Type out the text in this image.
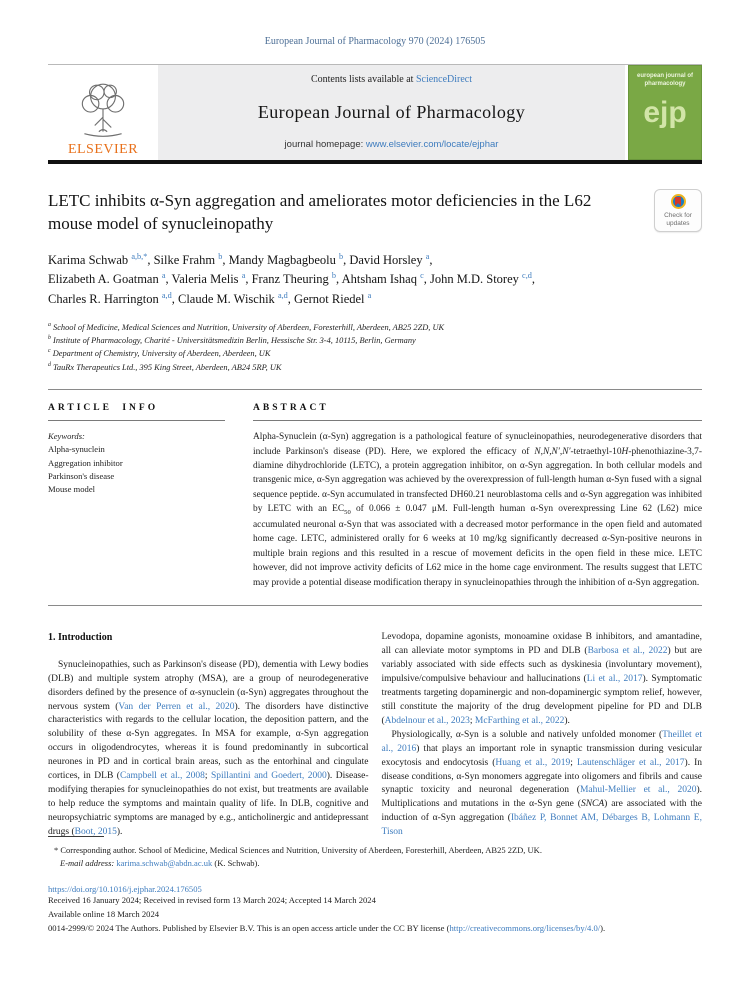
European Journal of Pharmacology 970 (2024) 176505
ELSEVIER
Contents lists available at ScienceDirect
European Journal of Pharmacology
journal homepage: www.elsevier.com/locate/ejphar
european journal of pharmacology
ejp
LETC inhibits α-Syn aggregation and ameliorates motor deficiencies in the L62 mouse model of synucleinopathy	Check for
updates
Karima Schwab $^{a,b,*}$, Silke Frahm $^b$, Mandy Magbagbeolu $^b$, David Horsley $^a$,
Elizabeth A. Goatman $^a$, Valeria Melis $^a$, Franz Theuring $^b$, Ahtsham Ishaq $^c$, John M.D. Storey $^{c,d}$,
Charles R. Harrington $^{a,d}$, Claude M. Wischik $^{a,d}$, Gernot Riedel $^a$
$^a$ School of Medicine, Medical Sciences and Nutrition, University of Aberdeen, Foresterhill, Aberdeen, AB25 2ZD, UK
$^b$ Institute of Pharmacology, Charité - Universitätsmedizin Berlin, Hessische Str. 3-4, 10115, Berlin, Germany
$^c$ Department of Chemistry, University of Aberdeen, Aberdeen, UK
$^d$ TauRx Therapeutics Ltd., 395 King Street, Aberdeen, AB24 5RP, UK
ARTICLE INFO
Keywords:
Alpha-synuclein
Aggregation inhibitor
Parkinson's disease
Mouse model
ABSTRACT
Alpha-Synuclein (α-Syn) aggregation is a pathological feature of synucleinopathies, neurodegenerative disorders that include Parkinson's disease (PD). Here, we explored the efficacy of N,N,N′,N′-tetraethyl-10H-phenothiazine-3,7-diamine dihydrochloride (LETC), a protein aggregation inhibitor, on α-Syn aggregation. In both cellular models and transgenic mice, α-Syn aggregation was achieved by the overexpression of full-length human α-Syn fused with a signal sequence peptide. α-Syn accumulated in transfected DH60.21 neuroblastoma cells and α-Syn aggregation was inhibited by LETC with an $EC_{50}$ of 0.066 ± 0.047 μM. Full-length human α-Syn overexpressing Line 62 (L62) mice accumulated neuronal α-Syn that was associated with a decreased motor performance in the open field and automated home cage. LETC, administered orally for 6 weeks at 10 mg/kg significantly decreased α-Syn-positive neurons in multiple brain regions and this resulted in a rescue of movement deficits in the open field in these mice. LETC however, did not improve activity deficits of L62 mice in the home cage environment. The results suggest that LETC may provide a potential disease modification therapy in synucleinopathies through the inhibition of α-Syn aggregation.
1. Introduction

Synucleinopathies, such as Parkinson's disease (PD), dementia with Lewy bodies (DLB) and multiple system atrophy (MSA), are a group of neurodegenerative disorders defined by the presence of α-synuclein (α-Syn) aggregates throughout the nervous system (Van der Perren et al., 2020). The disorders have distinctive characteristics with regards to the cellular location, the deposition pattern, and the solubility of these α-Syn aggregates. In MSA for example, α-Syn aggregation occurs in oligodendrocytes, whereas it is found predominantly in subcortical neurones in PD and in cortical brain areas, such as the entorhinal and cingulate cortices, in DLB (Campbell et al., 2008; Spillantini and Goedert, 2000). Disease-modifying therapies for synucleinopathies do not exist, but treatments are available to help reduce the symptoms and maintain quality of life. In DLB, cognitive and neuropsychiatric symptoms are managed by e.g., anticholinergic and antidepressant drugs (Boot, 2015).

Levodopa, dopamine agonists, monoamine oxidase B inhibitors, and amantadine, all can alleviate motor symptoms in PD and DLB (Barbosa et al., 2022) but are variably associated with side effects such as dyskinesia (involuntary movement), impulsive/compulsive behaviour and hallucinations (Li et al., 2017). Symptomatic treatments targeting dopaminergic and non-dopaminergic symptom relief, however, still constitute the majority of the drug development pipeline for PD and DLB (Abdelnour et al., 2023; McFarthing et al., 2022).

Physiologically, α-Syn is a soluble and natively unfolded monomer (Theillet et al., 2016) that plays an important role in synaptic transmission during vesicular exocytosis and endocytosis (Huang et al., 2019; Lautenschläger et al., 2017). In disease conditions, α-Syn monomers aggregate into oligomers and fibrils and cause synaptic toxicity and neuronal degeneration (Mahul-Mellier et al., 2020). Multiplications and mutations in the α-Syn gene (SNCA) are associated with the induction of α-Syn aggregation (Ibáñez P, Bonnet AM, Débarges B, Lohmann E, Tison

* Corresponding author. School of Medicine, Medical Sciences and Nutrition, University of Aberdeen, Foresterhill, Aberdeen, AB25 2ZD, UK.
E-mail address: karima.schwab@abdn.ac.uk (K. Schwab).
https://doi.org/10.1016/j.ejphar.2024.176505
Received 16 January 2024; Received in revised form 13 March 2024; Accepted 14 March 2024
Available online 18 March 2024
0014-2999/© 2024 The Authors. Published by Elsevier B.V. This is an open access article under the CC BY license (http://creativecommons.org/licenses/by/4.0/).
